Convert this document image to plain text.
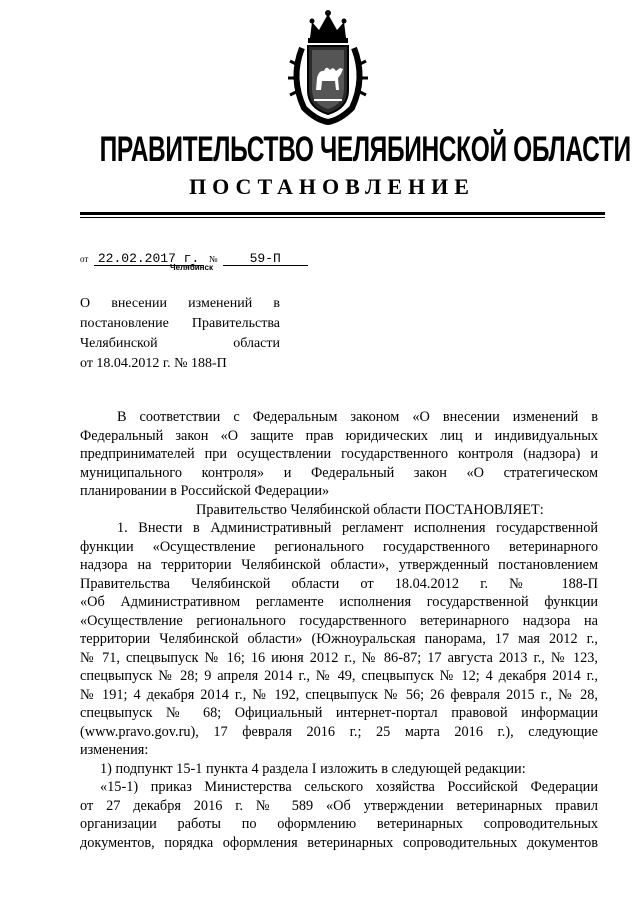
ПРАВИТЕЛЬСТВО ЧЕЛЯБИНСКОЙ ОБЛАСТИ
ПОСТАНОВЛЕНИЕ
от 22.02.2017 г. № 59-П
Челябинск
О внесении изменений в
постановление Правительства
Челябинской области
от 18.04.2012 г. № 188-П
В соответствии с Федеральным законом «О внесении изменений в
Федеральный закон «О защите прав юридических лиц и индивидуальных
предпринимателей при осуществлении государственного контроля (надзора) и
муниципального контроля» и Федеральный закон «О стратегическом
планировании в Российской Федерации»
Правительство Челябинской области ПОСТАНОВЛЯЕТ:
1. Внести в Административный регламент исполнения государственной
функции «Осуществление регионального государственного ветеринарного
надзора на территории Челябинской области», утвержденный постановлением
Правительства Челябинской области от 18.04.2012 г. № 188-П
«Об Административном регламенте исполнения государственной функции
«Осуществление регионального государственного ветеринарного надзора на
территории Челябинской области» (Южноуральская панорама, 17 мая 2012 г.,
№ 71, спецвыпуск № 16; 16 июня 2012 г., № 86-87; 17 августа 2013 г., № 123,
спецвыпуск № 28; 9 апреля 2014 г., № 49, спецвыпуск № 12; 4 декабря 2014 г.,
№ 191; 4 декабря 2014 г., № 192, спецвыпуск № 56; 26 февраля 2015 г., № 28,
спецвыпуск № 68; Официальный интернет-портал правовой информации
(www.pravo.gov.ru), 17 февраля 2016 г.; 25 марта 2016 г.), следующие
изменения:
1) подпункт 15-1 пункта 4 раздела I изложить в следующей редакции:
«15-1) приказ Министерства сельского хозяйства Российской Федерации
от 27 декабря 2016 г. № 589 «Об утверждении ветеринарных правил
организации работы по оформлению ветеринарных сопроводительных
документов, порядка оформления ветеринарных сопроводительных документов
